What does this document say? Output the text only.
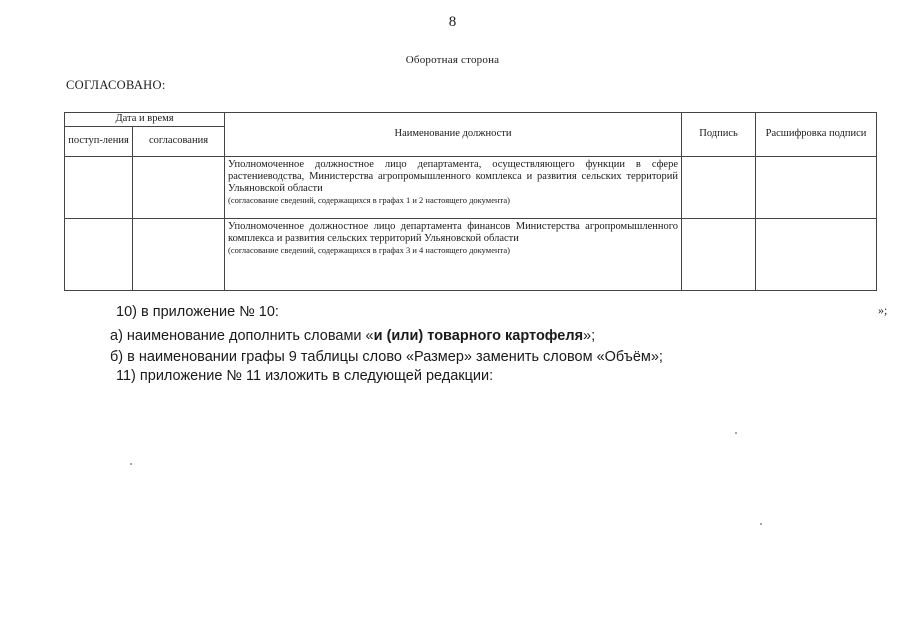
8
Оборотная сторона
СОГЛАСОВАНО:
Дата и время		Наименование должности	Подпись	Расшифровка подписи
поступ-ления	согласования			
		Уполномоченное должностное лицо департамента, осуществляющего функции в сфере растениеводства, Министерства агропромышленного комплекса и развития сельских территорий Ульяновской области
(согласование сведений, содержащихся в графах 1 и 2 настоящего документа)		

		Уполномоченное должностное лицо департамента финансов Министерства агропромышленного комплекса и развития сельских территорий Ульяновской области
(согласование сведений, содержащихся в графах 3 и 4 настоящего документа)		

»;
10) в приложение № 10:
а) наименование дополнить словами «и (или) товарного картофеля»;
б) в наименовании графы 9 таблицы слово «Размер» заменить словом «Объём»;
11) приложение № 11 изложить в следующей редакции:
